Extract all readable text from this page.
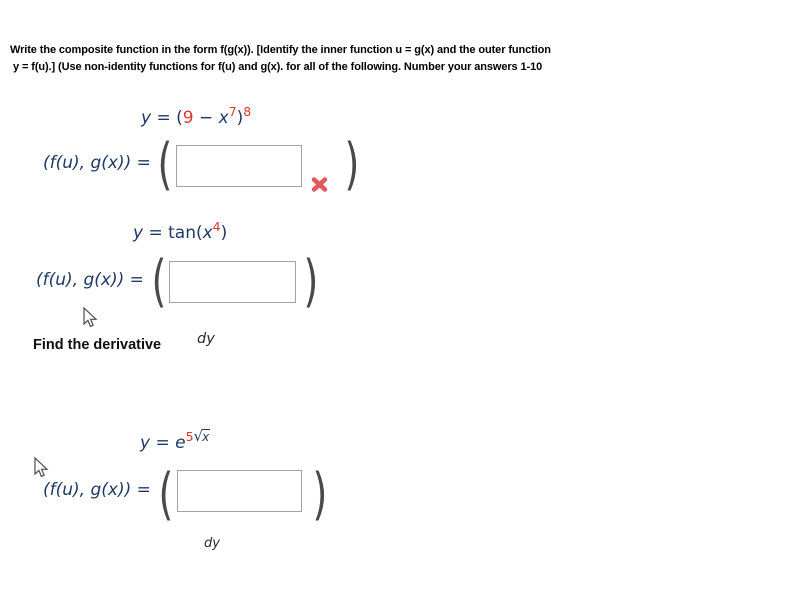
Write the composite function in the form f(g(x)). [Identify the inner function u = g(x) and the outer function
y = f(u).] (Use non-identity functions for f(u) and g(x). for all of the following. Number your answers 1-10
$y = (9 - x^7)^8$
(f(u), g(x)) = (	)
$y = \tan(x^4)$
(f(u), g(x)) = ( )
Find the derivative dy
$y = e^5√^x$
(f(u), g(x)) = ( )
dy
